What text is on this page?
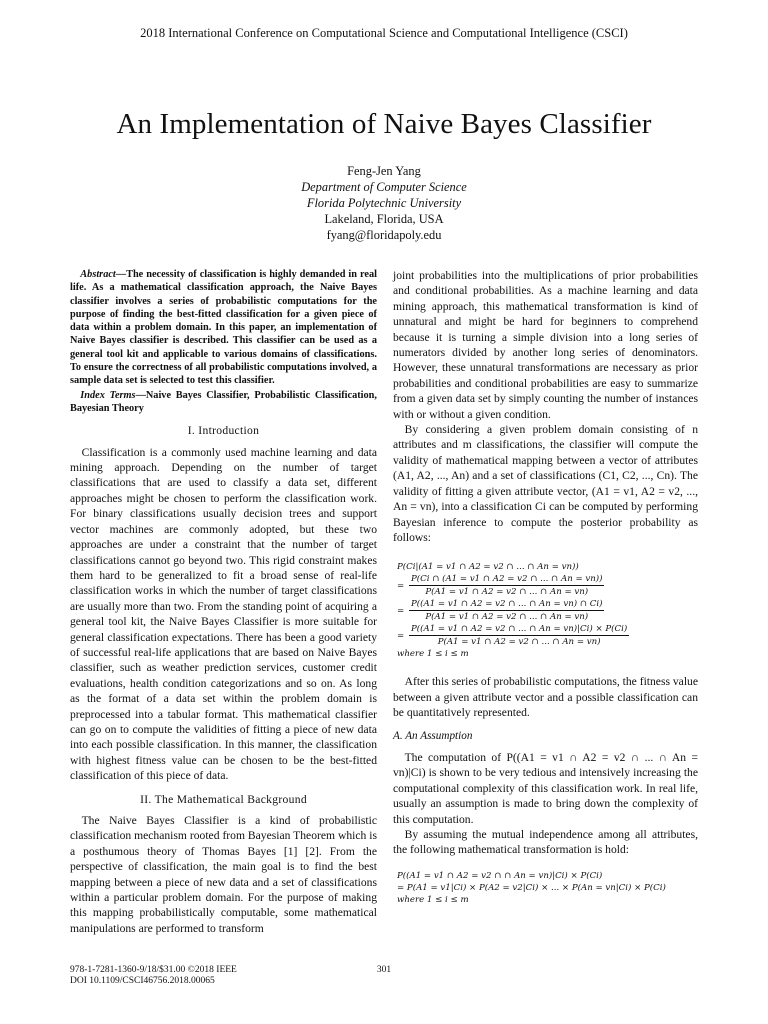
2018 International Conference on Computational Science and Computational Intelligence (CSCI)
An Implementation of Naive Bayes Classifier
Feng-Jen Yang
Department of Computer Science
Florida Polytechnic University
Lakeland, Florida, USA
fyang@floridapoly.edu

Abstract—The necessity of classification is highly demanded in real life. As a mathematical classification approach, the Naive Bayes classifier involves a series of probabilistic computations for the purpose of finding the best-fitted classification for a given piece of data within a problem domain. In this paper, an implementation of Naive Bayes classifier is described. This classifier can be used as a general tool kit and applicable to various domains of classifications. To ensure the correctness of all probabilistic computations involved, a sample data set is selected to test this classifier.

Index Terms—Naive Bayes Classifier, Probabilistic Classification, Bayesian Theory

I. Introduction

Classification is a commonly used machine learning and data mining approach. Depending on the number of target classifications that are used to classify a data set, different approaches might be chosen to perform the classification work. For binary classifications usually decision trees and support vector machines are commonly adopted, but these two approaches are under a constraint that the number of target classifications cannot go beyond two. This rigid constraint makes them hard to be generalized to fit a broad sense of real-life classification works in which the number of target classifications are usually more than two. From the standing point of acquiring a general tool kit, the Naive Bayes Classifier is more suitable for general classification expectations. There has been a good variety of successful real-life applications that are based on Naive Bayes classifier, such as weather prediction services, customer credit evaluations, health condition categorizations and so on. As long as the format of a data set within the problem domain is preprocessed into a tabular format. This mathematical classifier can go on to compute the validities of fitting a piece of new data into each possible classification. In this manner, the classification with highest fitness value can be chosen to be the best-fitted classification of this piece of data.

II. The Mathematical Background

The Naive Bayes Classifier is a kind of probabilistic classification mechanism rooted from Bayesian Theorem which is a posthumous theory of Thomas Bayes [1] [2]. From the perspective of classification, the main goal is to find the best mapping between a piece of new data and a set of classifications within a particular problem domain. For the purpose of making this mapping probabilistically computable, some mathematical manipulations are performed to transform

joint probabilities into the multiplications of prior probabilities and conditional probabilities. As a machine learning and data mining approach, this mathematical transformation is kind of unnatural and might be hard for beginners to comprehend because it is turning a simple division into a long series of numerators divided by another long series of denominators. However, these unnatural transformations are necessary as prior probabilities and conditional probabilities are easy to summarize from a given data set by simply counting the number of instances with or without a given condition.

By considering a given problem domain consisting of n attributes and m classifications, the classifier will compute the validity of mathematical mapping between a vector of attributes (A1, A2, ..., An) and a set of classifications (C1, C2, ..., Cn). The validity of fitting a given attribute vector, (A1 = v1, A2 = v2, ..., An = vn), into a classification Ci can be computed by performing Bayesian inference to compute the posterior probability as follows:

P(Ci|(A1 = v1 ∩ A2 = v2 ∩ ... ∩ An = vn))
= $\frac{P(Ci \cap (A1 = v1 \cap A2 = v2 \cap ... \cap An = vn))}{P(A1 = v1 \cap A2 = v2 \cap ... \cap An = vn)}$
= $\frac{P((A1 = v1 \cap A2 = v2 \cap ... \cap An = vn) \cap Ci)}{P(A1 = v1 \cap A2 = v2 \cap ... \cap An = vn)}$
= $\frac{P((A1 = v1 \cap A2 = v2 \cap ... \cap An = vn)|Ci) \times P(Ci)}{P(A1 = v1 \cap A2 = v2 \cap ... \cap An = vn)}$
where 1 ≤ i ≤ m

After this series of probabilistic computations, the fitness value between a given attribute vector and a possible classification can be quantitatively represented.

A. An Assumption

The computation of P((A1 = v1 ∩ A2 = v2 ∩ ... ∩ An = vn)|Ci) is shown to be very tedious and intensively increasing the computational complexity of this classification work. In real life, usually an assumption is made to bring down the complexity of this computation.

By assuming the mutual independence among all attributes, the following mathematical transformation is hold:

P((A1 = v1 ∩ A2 = v2 ∩ ∩ An = vn)|Ci) × P(Ci)
= P(A1 = v1|Ci) × P(A2 = v2|Ci) × ... × P(An = vn|Ci) × P(Ci)
where 1 ≤ i ≤ m
978-1-7281-1360-9/18/$31.00 ©2018 IEEE
DOI 10.1109/CSCI46756.2018.00065
301
